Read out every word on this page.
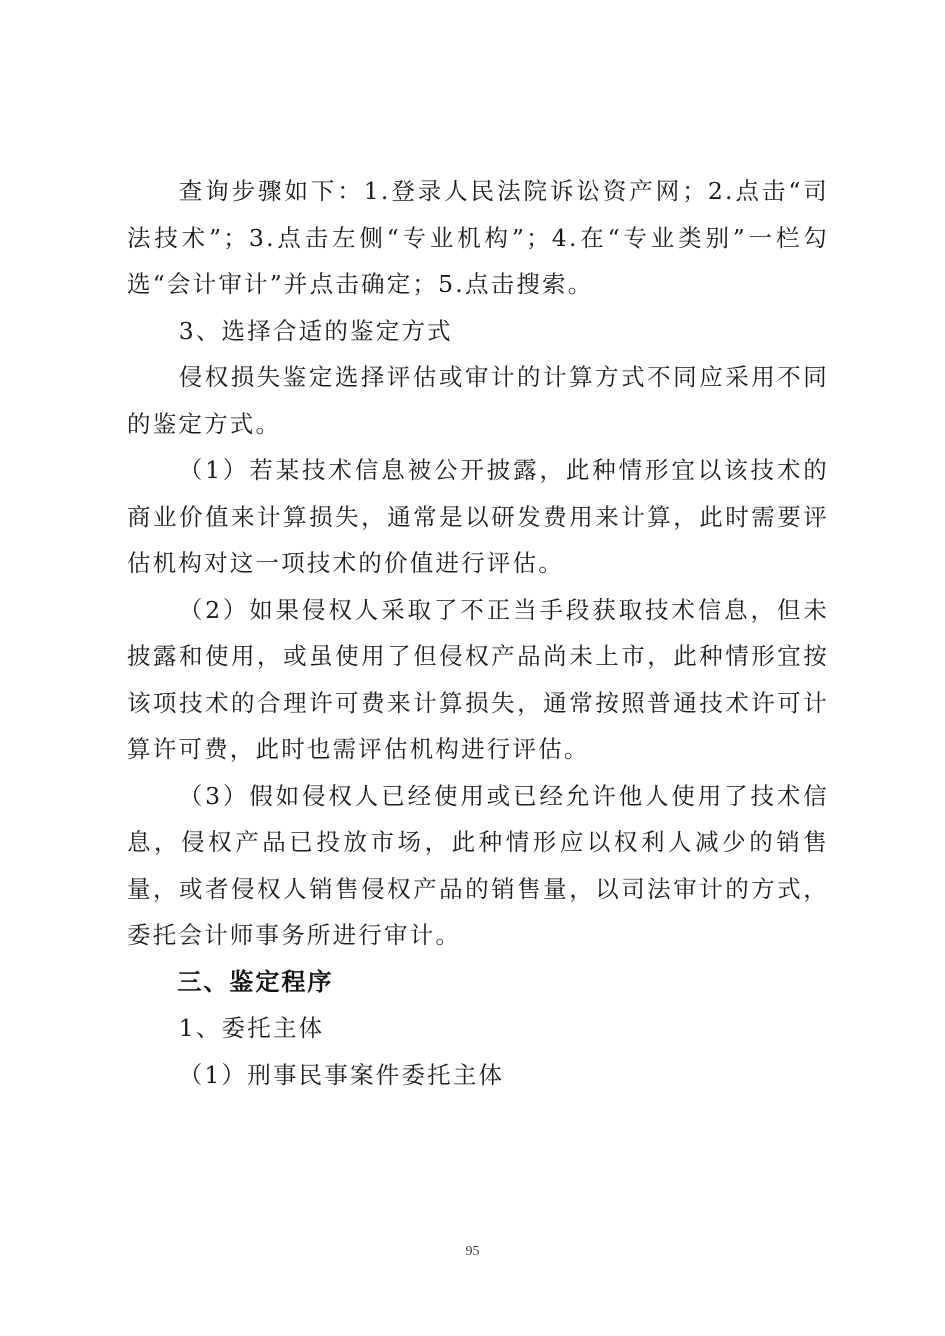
查询步骤如下：1.登录人民法院诉讼资产网；2.点击“司法技术”；3.点击左侧“专业机构”；4.在“专业类别”一栏勾选“会计审计”并点击确定；5.点击搜索。

3、选择合适的鉴定方式

侵权损失鉴定选择评估或审计的计算方式不同应采用不同的鉴定方式。

（1）若某技术信息被公开披露，此种情形宜以该技术的商业价值来计算损失，通常是以研发费用来计算，此时需要评估机构对这一项技术的价值进行评估。

（2）如果侵权人采取了不正当手段获取技术信息，但未披露和使用，或虽使用了但侵权产品尚未上市，此种情形宜按该项技术的合理许可费来计算损失，通常按照普通技术许可计算许可费，此时也需评估机构进行评估。

（3）假如侵权人已经使用或已经允许他人使用了技术信息，侵权产品已投放市场，此种情形应以权利人减少的销售量，或者侵权人销售侵权产品的销售量，以司法审计的方式，委托会计师事务所进行审计。

三、鉴定程序

1、委托主体

（1）刑事民事案件委托主体

95
